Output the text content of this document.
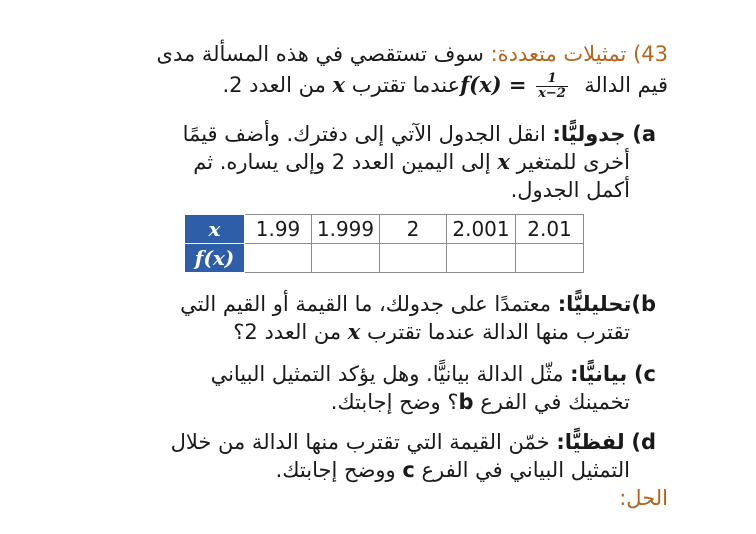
43) تمثيلات متعددة: سوف تستقصي في هذه المسألة مدى
قيم الدالة $f(x) = \frac{1}{x-2}$
عندما تقترب x من العدد 2.
a) جدوليًّا: انقل الجدول الآتي إلى دفترك. وأضف قيمًا
أخرى للمتغير x إلى اليمين العدد 2 وإلى يساره. ثم
أكمل الجدول.
x	1.99	1.999	2	2.001	2.01
f(x)					
b)تحليليًّا: معتمدًا على جدولك، ما القيمة أو القيم التي
تقترب منها الدالة عندما تقترب x من العدد 2؟
c) بيانيًّا: مثّل الدالة بيانيًّا. وهل يؤكد التمثيل البياني
تخمينك في الفرع b؟ وضح إجابتك.
d) لفظيًّا: خمّن القيمة التي تقترب منها الدالة من خلال
التمثيل البياني في الفرع c ووضح إجابتك.
الحل:
